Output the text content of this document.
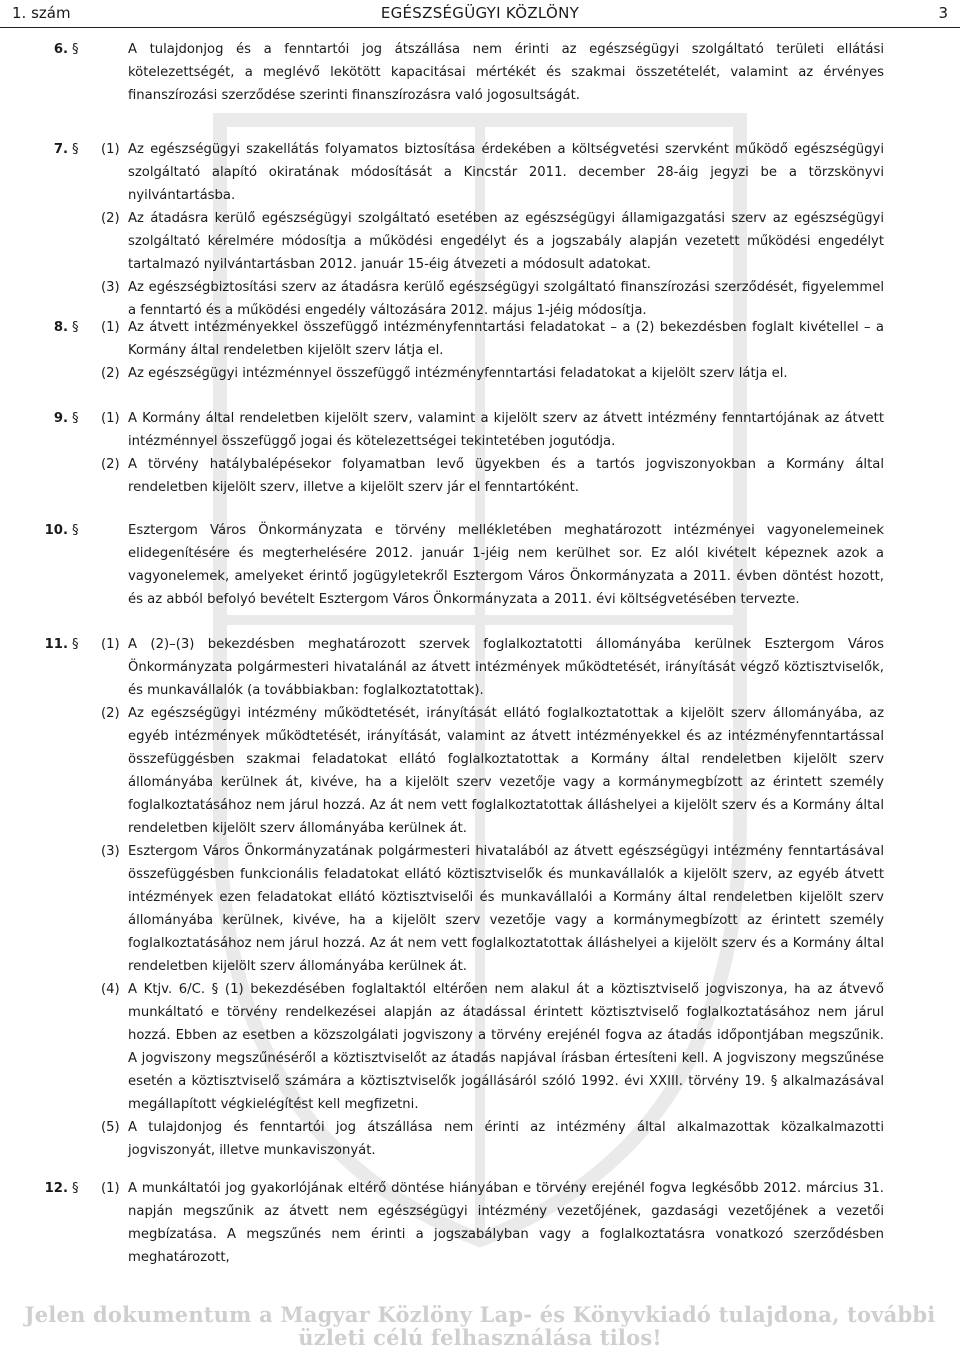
1. szám	EGÉSZSÉGÜGYI KÖZLÖNY	3
6. §	A tulajdonjog és a fenntartói jog átszállása nem érinti az egészségügyi szolgáltató területi ellátási kötelezettségét, a meglévő lekötött kapacitásai mértékét és szakmai összetételét, valamint az érvényes finanszírozási szerződése szerinti finanszírozásra való jogosultságát.
7. § (1) Az egészségügyi szakellátás folyamatos biztosítása érdekében a költségvetési szervként működő egészségügyi szolgáltató alapító okiratának módosítását a Kincstár 2011. december 28-áig jegyzi be a törzskönyvi nyilvántartásba.
(2) Az átadásra kerülő egészségügyi szolgáltató esetében az egészségügyi államigazgatási szerv az egészségügyi szolgáltató kérelmére módosítja a működési engedélyt és a jogszabály alapján vezetett működési engedélyt tartalmazó nyilvántartásban 2012. január 15-éig átvezeti a módosult adatokat.
(3) Az egészségbiztosítási szerv az átadásra kerülő egészségügyi szolgáltató finanszírozási szerződését, figyelemmel a fenntartó és a működési engedély változására 2012. május 1-jéig módosítja.
8. § (1) Az átvett intézményekkel összefüggő intézményfenntartási feladatokat – a (2) bekezdésben foglalt kivétellel – a Kormány által rendeletben kijelölt szerv látja el.
(2) Az egészségügyi intézménnyel összefüggő intézményfenntartási feladatokat a kijelölt szerv látja el.
9. § (1) A Kormány által rendeletben kijelölt szerv, valamint a kijelölt szerv az átvett intézmény fenntartójának az átvett intézménnyel összefüggő jogai és kötelezettségei tekintetében jogutódja.
(2) A törvény hatálybalépésekor folyamatban levő ügyekben és a tartós jogviszonyokban a Kormány által rendeletben kijelölt szerv, illetve a kijelölt szerv jár el fenntartóként.
10. §	Esztergom Város Önkormányzata e törvény mellékletében meghatározott intézményei vagyonelemeinek elidegenítésére és megterhelésére 2012. január 1-jéig nem kerülhet sor. Ez alól kivételt képeznek azok a vagyonelemek, amelyeket érintő jogügyletekről Esztergom Város Önkormányzata a 2011. évben döntést hozott, és az abból befolyó bevételt Esztergom Város Önkormányzata a 2011. évi költségvetésében tervezte.
11. § (1) A (2)–(3) bekezdésben meghatározott szervek foglalkoztatotti állományába kerülnek Esztergom Város Önkormányzata polgármesteri hivatalánál az átvett intézmények működtetését, irányítását végző köztisztviselők, és munkavállalók (a továbbiakban: foglalkoztatottak).
(2) Az egészségügyi intézmény működtetését, irányítását ellátó foglalkoztatottak a kijelölt szerv állományába, az egyéb intézmények működtetését, irányítását, valamint az átvett intézményekkel és az intézményfenntartással összefüggésben szakmai feladatokat ellátó foglalkoztatottak a Kormány által rendeletben kijelölt szerv állományába kerülnek át, kivéve, ha a kijelölt szerv vezetője vagy a kormánymegbízott az érintett személy foglalkoztatásához nem járul hozzá. Az át nem vett foglalkoztatottak álláshelyei a kijelölt szerv és a Kormány által rendeletben kijelölt szerv állományába kerülnek át.
(3) Esztergom Város Önkormányzatának polgármesteri hivatalából az átvett egészségügyi intézmény fenntartásával összefüggésben funkcionális feladatokat ellátó köztisztviselők és munkavállalók a kijelölt szerv, az egyéb átvett intézmények ezen feladatokat ellátó köztisztviselői és munkavállalói a Kormány által rendeletben kijelölt szerv állományába kerülnek, kivéve, ha a kijelölt szerv vezetője vagy a kormánymegbízott az érintett személy foglalkoztatásához nem járul hozzá. Az át nem vett foglalkoztatottak álláshelyei a kijelölt szerv és a Kormány által rendeletben kijelölt szerv állományába kerülnek át.
(4) A Ktjv. 6/C. § (1) bekezdésében foglaltaktól eltérően nem alakul át a köztisztviselő jogviszonya, ha az átvevő munkáltató e törvény rendelkezései alapján az átadással érintett köztisztviselő foglalkoztatásához nem járul hozzá. Ebben az esetben a közszolgálati jogviszony a törvény erejénél fogva az átadás időpontjában megszűnik. A jogviszony megszűnéséről a köztisztviselőt az átadás napjával írásban értesíteni kell. A jogviszony megszűnése esetén a köztisztviselő számára a köztisztviselők jogállásáról szóló 1992. évi XXIII. törvény 19. § alkalmazásával megállapított végkielégítést kell megfizetni.
(5) A tulajdonjog és fenntartói jog átszállása nem érinti az intézmény által alkalmazottak közalkalmazotti jogviszonyát, illetve munkaviszonyát.
12. § (1) A munkáltatói jog gyakorlójának eltérő döntése hiányában e törvény erejénél fogva legkésőbb 2012. március 31. napján megszűnik az átvett nem egészségügyi intézmény vezetőjének, gazdasági vezetőjének a vezetői megbízatása. A megszűnés nem érinti a jogszabályban vagy a foglalkoztatásra vonatkozó szerződésben meghatározott,
Jelen dokumentum a Magyar Közlöny Lap- és Könyvkiadó tulajdona, további üzleti célú felhasználása tilos!
